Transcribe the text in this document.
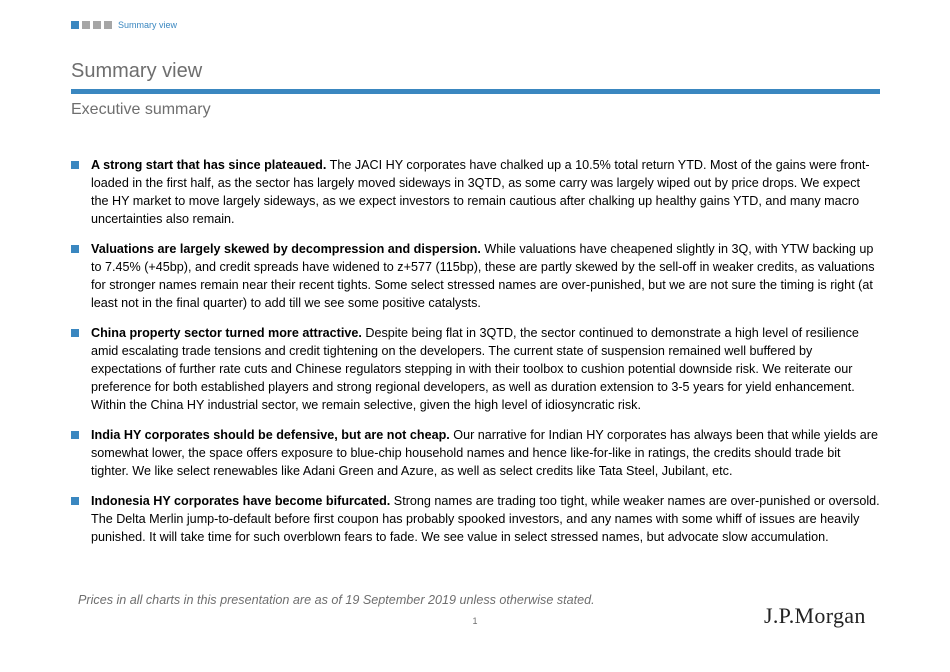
Summary view
Summary view
Executive summary
A strong start that has since plateaued. The JACI HY corporates have chalked up a 10.5% total return YTD. Most of the gains were front-loaded in the first half, as the sector has largely moved sideways in 3QTD, as some carry was largely wiped out by price drops. We expect the HY market to move largely sideways, as we expect investors to remain cautious after chalking up healthy gains YTD, and many macro uncertainties also remain.
Valuations are largely skewed by decompression and dispersion. While valuations have cheapened slightly in 3Q, with YTW backing up to 7.45% (+45bp), and credit spreads have widened to z+577 (115bp), these are partly skewed by the sell-off in weaker credits, as valuations for stronger names remain near their recent tights. Some select stressed names are over-punished, but we are not sure the timing is right (at least not in the final quarter) to add till we see some positive catalysts.
China property sector turned more attractive. Despite being flat in 3QTD, the sector continued to demonstrate a high level of resilience amid escalating trade tensions and credit tightening on the developers. The current state of suspension remained well buffered by expectations of further rate cuts and Chinese regulators stepping in with their toolbox to cushion potential downside risk. We reiterate our preference for both established players and strong regional developers, as well as duration extension to 3-5 years for yield enhancement. Within the China HY industrial sector, we remain selective, given the high level of idiosyncratic risk.
India HY corporates should be defensive, but are not cheap. Our narrative for Indian HY corporates has always been that while yields are somewhat lower, the space offers exposure to blue-chip household names and hence like-for-like in ratings, the credits should trade bit tighter. We like select renewables like Adani Green and Azure, as well as select credits like Tata Steel, Jubilant, etc.
Indonesia HY corporates have become bifurcated. Strong names are trading too tight, while weaker names are over-punished or oversold. The Delta Merlin jump-to-default before first coupon has probably spooked investors, and any names with some whiff of issues are heavily punished. It will take time for such overblown fears to fade. We see value in select stressed names, but advocate slow accumulation.
Prices in all charts in this presentation are as of 19 September 2019 unless otherwise stated.
1	J.P.Morgan
